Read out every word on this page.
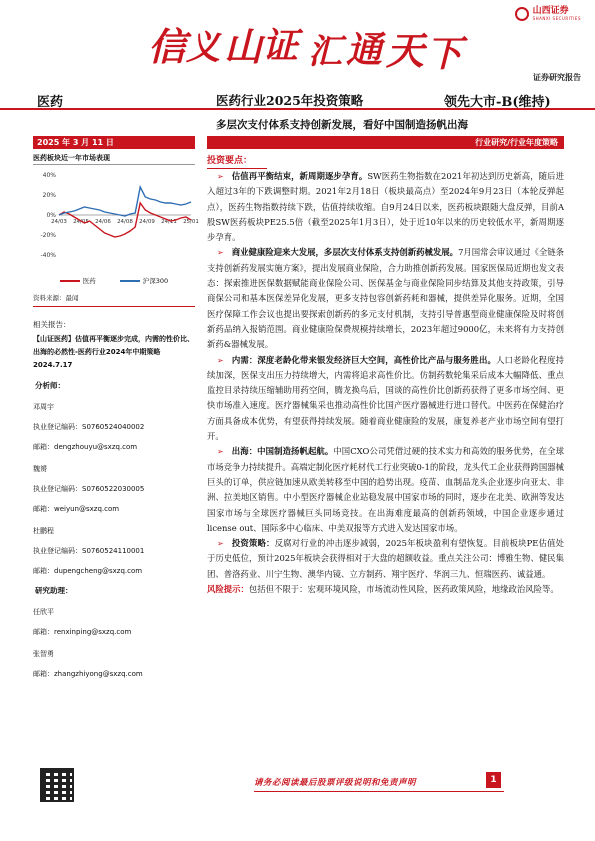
信 义 山 证 汇 通 天 下
山西证券
SHANXI SECURITIES
证券研究报告
医药	医药行业2025年投资策略	领先大市-B(维持)
多层次支付体系支持创新发展，看好中国制造扬帆出海
2025 年 3 月 11 日	行业研究/行业年度策略
医药板块近一年市场表现
40%
20%
0%
-20%
-40%
24/03 24/05 24/06 24/08 24/09 24/11 25/01
医药	沪深300
资料来源：最闻
相关报告：
【山证医药】估值再平衡逐步完成，内需的性价比、出海的必然性-医药行业2024年中期策略 2024.7.17
分析师：
邓周宇
执业登记编码：S0760524040002
邮箱：dengzhouyu@sxzq.com
魏赟
执业登记编码：S0760522030005
邮箱：weiyun@sxzq.com
杜鹏程
执业登记编码：S0760524110001
邮箱：dupengcheng@sxzq.com
研究助理：
任欣平
邮箱：renxinping@sxzq.com
张智勇
邮箱：zhangzhiyong@sxzq.com
投资要点：
➢ 估值再平衡结束，新周期逐步孕育。SW医药生物指数在2021年初达到历史新高，随后进入超过3年的下跌调整时期。2021年2月18日（板块最高点）至2024年9月23日（本轮反弹起点），医药生物指数持续下跌，估值持续收缩。自9月24日以来，医药板块跟随大盘反弹，目前A股SW医药板块PE25.5倍（截至2025年1月3日），处于近10年以来的历史较低水平，新周期逐步孕育。
➢ 商业健康险迎来大发展，多层次支付体系支持创新药械发展。7月国常会审议通过《全链条支持创新药发展实施方案》，提出发展商业保险，合力助推创新药发展。国家医保局近期也发文表态：探索推进医保数据赋能商业保险公司、医保基金与商业保险同步结算及其他支持政策，引导商保公司和基本医保差异化发展，更多支持包容创新药耗和器械，提供差异化服务。近期，全国医疗保障工作会议也提出要探索创新药的多元支付机制，支持引导普惠型商业健康保险及时将创新药品纳入报销范围。商业健康险保费规模持续增长，2023年超过9000亿，未来将有力支持创新药&器械发展。
➢ 内需：深度老龄化带来银发经济巨大空间，高性价比产品与服务胜出。人口老龄化程度持续加深，医保支出压力持续增大，内需将追求高性价比。仿制药数轮集采后成本大幅降低、重点监控目录持续压缩辅助用药空间，腾龙换鸟后，国谈的高性价比创新药获得了更多市场空间、更快市场准入速度。医疗器械集采也推动高性价比国产医疗器械进行进口替代。中医药在保健治疗方面具备成本优势，有望获得持续发展。随着商业健康险的发展，康复养老产业市场空间有望打开。
➢ 出海：中国制造扬帆起航。中国CXO公司凭借过硬的技术实力和高效的服务优势，在全球市场竞争力持续提升。高端定制化医疗耗材代工行业突破0-1的阶段，龙头代工企业获得跨国器械巨头的订单，供应链加速从欧美转移至中国的趋势出现。疫苗、血制品龙头企业逐步向亚太、非洲、拉美地区销售。中小型医疗器械企业站稳发展中国家市场的同时，逐步在北美、欧洲等发达国家市场与全球医疗器械巨头同场竞技。在出海难度最高的创新药领域，中国企业逐步通过license out、国际多中心临床、中美双报等方式进入发达国家市场。
➢ 投资策略：反腐对行业的冲击逐步减弱，2025年板块盈利有望恢复。目前板块PE估值处于历史低位，预计2025年板块会获得相对于大盘的超额收益。重点关注公司：博雅生物、健民集团、普洛药业、川宁生物、澳华内镜、立方制药、翔宇医疗、华润三九、恒瑞医药、诚益通。
风险提示：包括但不限于：宏观环境风险，市场流动性风险，医药政策风险，地缘政治风险等。
请务必阅读最后股票评级说明和免责声明	1
